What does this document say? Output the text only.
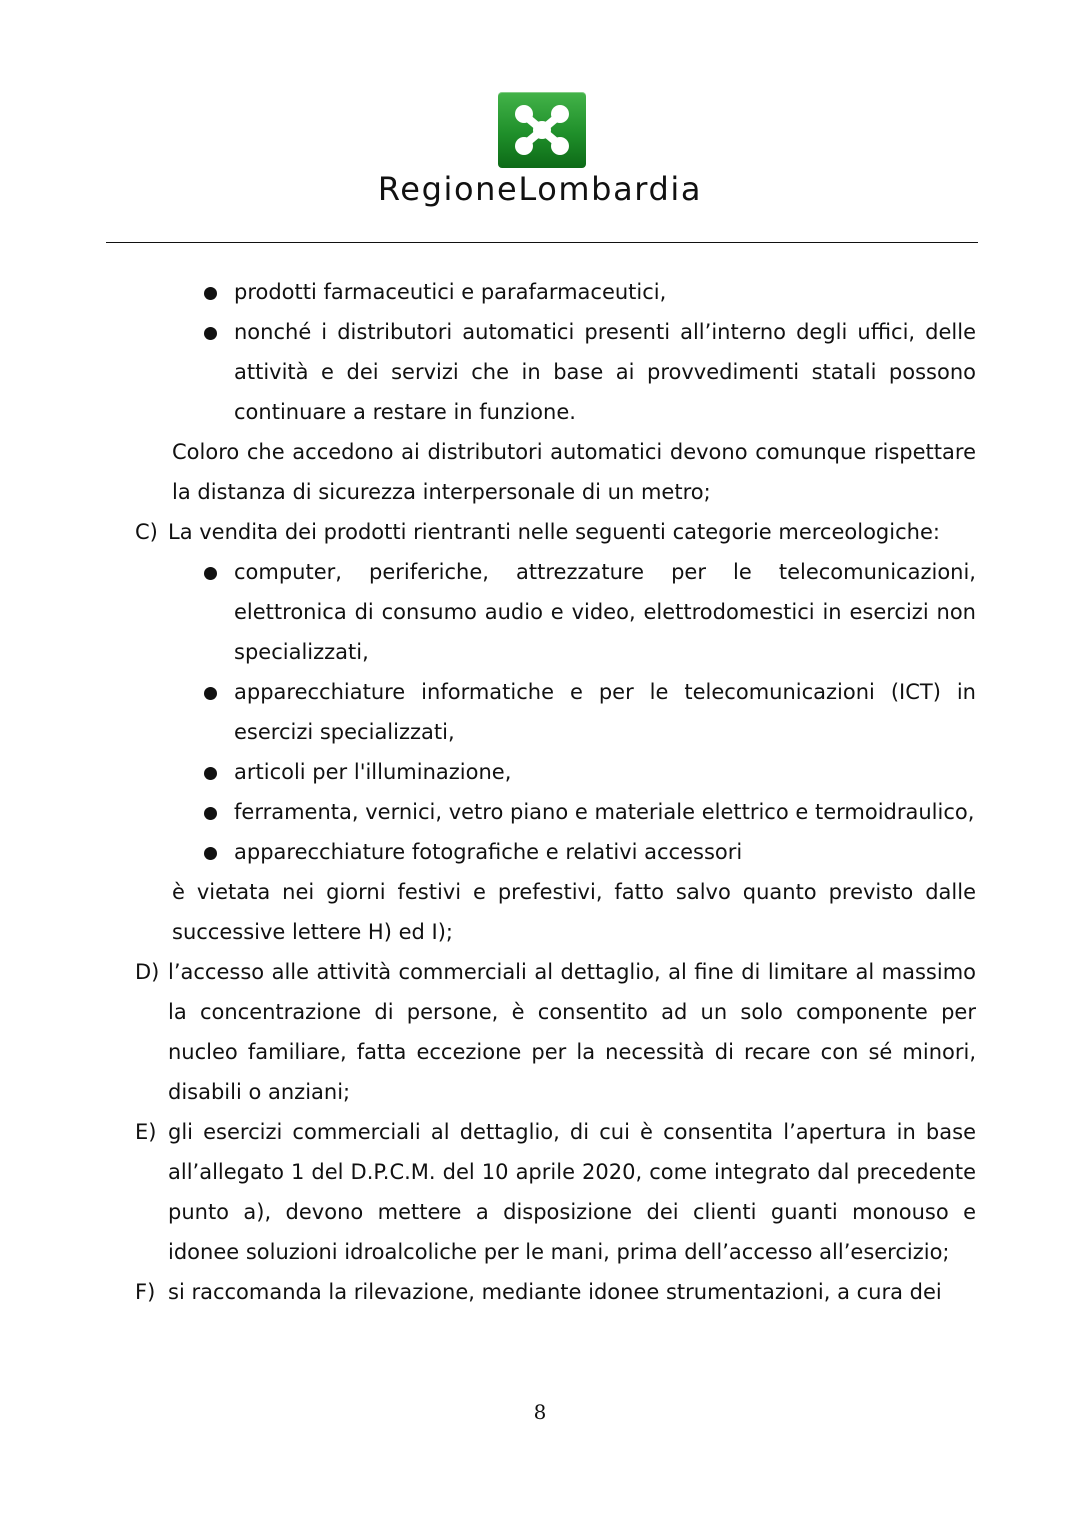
RegioneLombardia
prodotti farmaceutici e parafarmaceutici,
nonché i distributori automatici presenti all’interno degli uffici, delle attività e dei servizi che in base ai provvedimenti statali possono continuare a restare in funzione.
Coloro che accedono ai distributori automatici devono comunque rispettare la distanza di sicurezza interpersonale di un metro;
C) La vendita dei prodotti rientranti nelle seguenti categorie merceologiche:
computer, periferiche, attrezzature per le telecomunicazioni, elettronica di consumo audio e video, elettrodomestici in esercizi non specializzati,
apparecchiature informatiche e per le telecomunicazioni (ICT) in esercizi specializzati,
articoli per l'illuminazione,
ferramenta, vernici, vetro piano e materiale elettrico e termoidraulico,
apparecchiature fotografiche e relativi accessori
è vietata nei giorni festivi e prefestivi, fatto salvo quanto previsto dalle successive lettere H) ed I);
D) l’accesso alle attività commerciali al dettaglio, al fine di limitare al massimo la concentrazione di persone, è consentito ad un solo componente per nucleo familiare, fatta eccezione per la necessità di recare con sé minori, disabili o anziani;
E) gli esercizi commerciali al dettaglio, di cui è consentita l’apertura in base all’allegato 1 del D.P.C.M. del 10 aprile 2020, come integrato dal precedente punto a), devono mettere a disposizione dei clienti guanti monouso e idonee soluzioni idroalcoliche per le mani, prima dell’accesso all’esercizio;
F) si raccomanda la rilevazione, mediante idonee strumentazioni, a cura dei
8
